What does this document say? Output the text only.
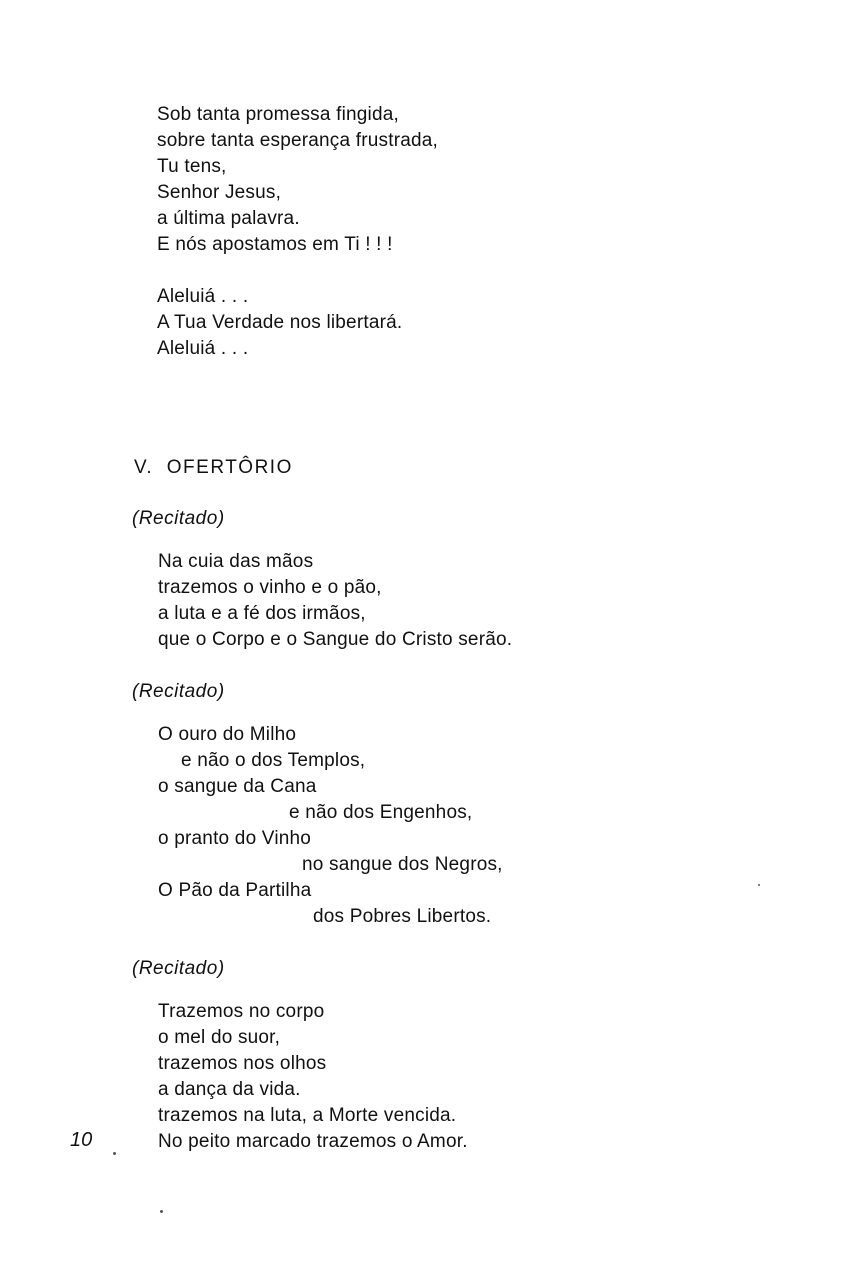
Sob tanta promessa fingida,
sobre tanta esperança frustrada,
Tu tens,
Senhor Jesus,
a última palavra.
E nós apostamos em Ti ! ! !
Aleluiá . . .
A Tua Verdade nos libertará.
Aleluiá . . .
V.  OFERTÔRIO
(Recitado)
Na cuia das mãos
trazemos o vinho e o pão,
a luta e a fé dos irmãos,
que o Corpo e o Sangue do Cristo serão.
(Recitado)
O ouro do Milho
e não o dos Templos,
o sangue da Cana
e não dos Engenhos,
o pranto do Vinho
no sangue dos Negros,
O Pão da Partilha
dos Pobres Libertos.
(Recitado)
Trazemos no corpo
o mel do suor,
trazemos nos olhos
a dança da vida.
trazemos na luta, a Morte vencida.
No peito marcado trazemos o Amor.
10
